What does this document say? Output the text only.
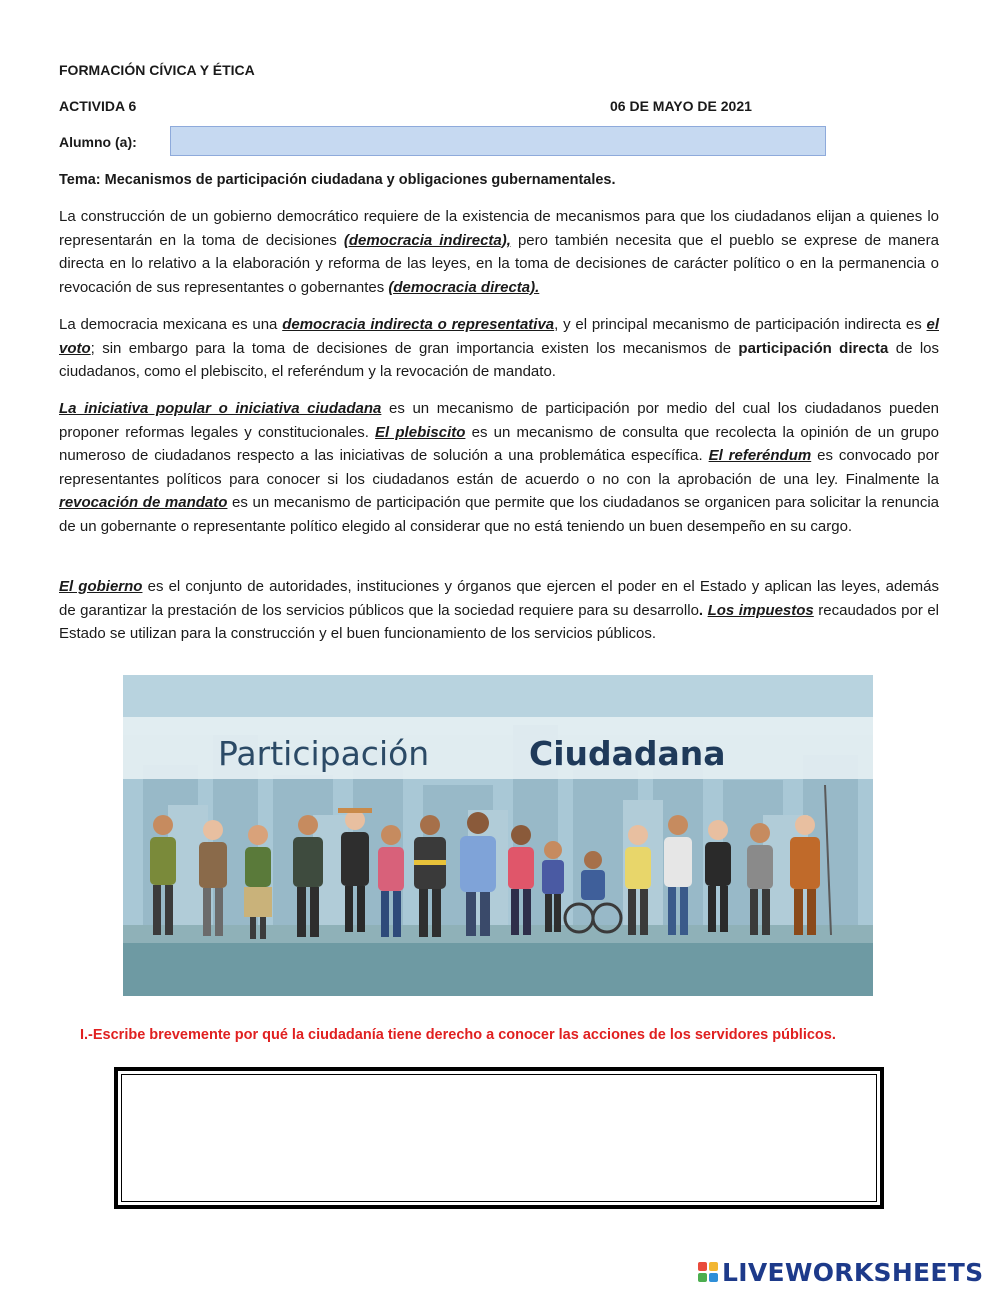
FORMACIÓN CÍVICA Y ÉTICA
ACTIVIDA 6	06 DE MAYO DE 2021
Alumno (a):
Tema: Mecanismos de participación ciudadana y obligaciones gubernamentales.

La construcción de un gobierno democrático requiere de la existencia de mecanismos para que los ciudadanos elijan a quienes lo representarán en la toma de decisiones (democracia indirecta), pero también necesita que el pueblo se exprese de manera directa en lo relativo a la elaboración y reforma de las leyes, en la toma de decisiones de carácter político o en la permanencia o revocación de sus representantes o gobernantes (democracia directa).

La democracia mexicana es una democracia indirecta o representativa, y el principal mecanismo de participación indirecta es el voto; sin embargo para la toma de decisiones de gran importancia existen los mecanismos de participación directa de los ciudadanos, como el plebiscito, el referéndum y la revocación de mandato.

La iniciativa popular o iniciativa ciudadana es un mecanismo de participación por medio del cual los ciudadanos pueden proponer reformas legales y constitucionales. El plebiscito es un mecanismo de consulta que recolecta la opinión de un grupo numeroso de ciudadanos respecto a las iniciativas de solución a una problemática específica. El referéndum es convocado por representantes políticos para conocer si los ciudadanos están de acuerdo o no con la aprobación de una ley. Finalmente la revocación de mandato es un mecanismo de participación que permite que los ciudadanos se organicen para solicitar la renuncia de un gobernante o representante político elegido al considerar que no está teniendo un buen desempeño en su cargo.

El gobierno es el conjunto de autoridades, instituciones y órganos que ejercen el poder en el Estado y aplican las leyes, además de garantizar la prestación de los servicios públicos que la sociedad requiere para su desarrollo. Los impuestos recaudados por el Estado se utilizan para la construcción y el buen funcionamiento de los servicios públicos.

Participación	Ciudadana
I.-Escribe brevemente por qué la ciudadanía tiene derecho a conocer las acciones de los servidores públicos.
LIVEWORKSHEETS
